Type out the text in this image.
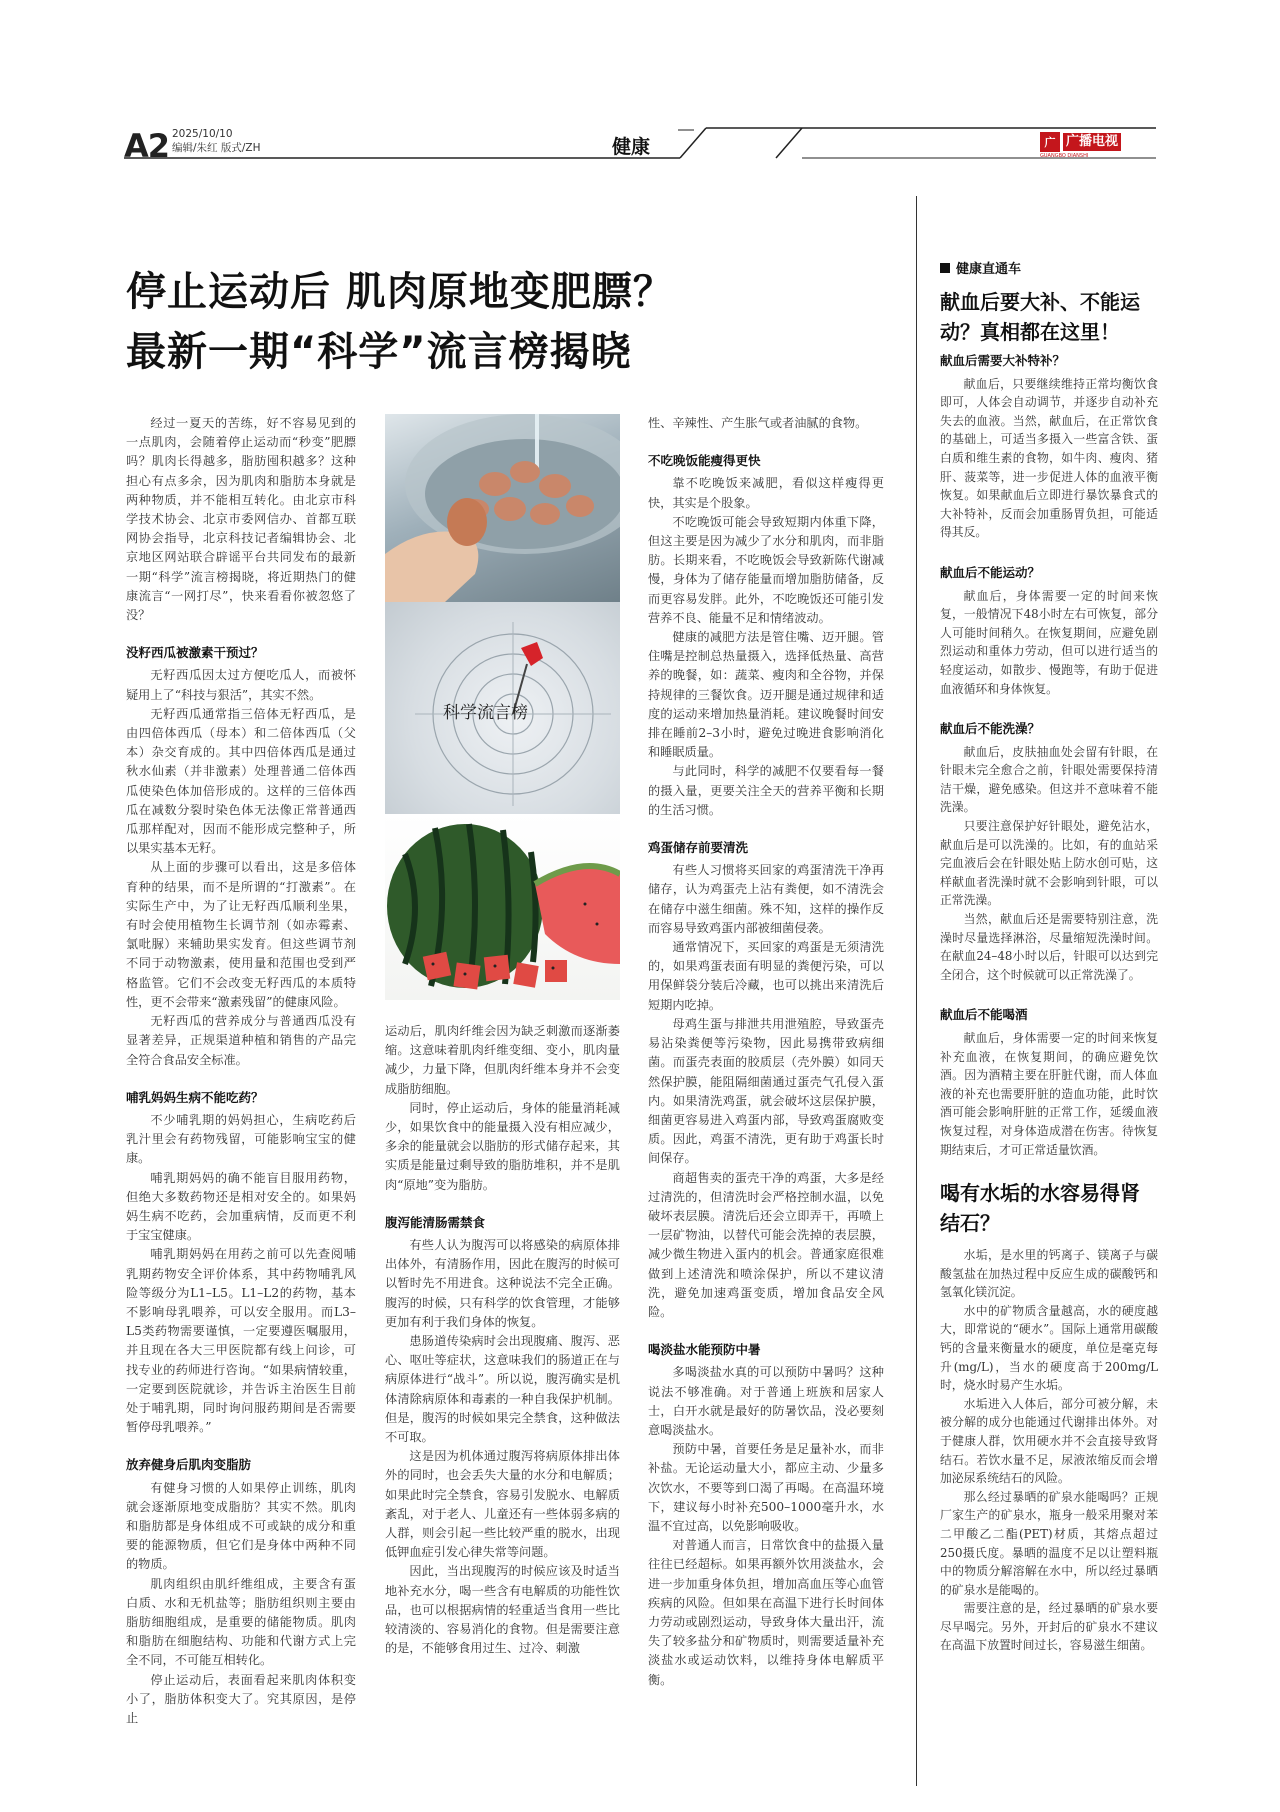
A2 2025/10/10
编辑/朱红 版式/ZH	健康	广 广播电视
GUANGBO DIANSHI
停止运动后 肌肉原地变肥膘？
最新一期“科学”流言榜揭晓

经过一夏天的苦练，好不容易见到的一点肌肉，会随着停止运动而“秒变”肥膘吗？肌肉长得越多，脂肪囤积越多？这种担心有点多余，因为肌肉和脂肪本身就是两种物质，并不能相互转化。由北京市科学技术协会、北京市委网信办、首都互联网协会指导，北京科技记者编辑协会、北京地区网站联合辟谣平台共同发布的最新一期“科学”流言榜揭晓，将近期热门的健康流言“一网打尽”，快来看看你被忽悠了没？

没籽西瓜被激素干预过？

无籽西瓜因太过方便吃瓜人，而被怀疑用上了“科技与狠活”，其实不然。

无籽西瓜通常指三倍体无籽西瓜，是由四倍体西瓜（母本）和二倍体西瓜（父本）杂交育成的。其中四倍体西瓜是通过秋水仙素（并非激素）处理普通二倍体西瓜使染色体加倍形成的。这样的三倍体西瓜在减数分裂时染色体无法像正常普通西瓜那样配对，因而不能形成完整种子，所以果实基本无籽。

从上面的步骤可以看出，这是多倍体育种的结果，而不是所谓的“打激素”。在实际生产中，为了让无籽西瓜顺利坐果，有时会使用植物生长调节剂（如赤霉素、氯吡脲）来辅助果实发育。但这些调节剂不同于动物激素，使用量和范围也受到严格监管。它们不会改变无籽西瓜的本质特性，更不会带来“激素残留”的健康风险。

无籽西瓜的营养成分与普通西瓜没有显著差异，正规渠道种植和销售的产品完全符合食品安全标准。

哺乳妈妈生病不能吃药？

不少哺乳期的妈妈担心，生病吃药后乳汁里会有药物残留，可能影响宝宝的健康。

哺乳期妈妈的确不能盲目服用药物，但绝大多数药物还是相对安全的。如果妈妈生病不吃药，会加重病情，反而更不利于宝宝健康。

哺乳期妈妈在用药之前可以先查阅哺乳期药物安全评价体系，其中药物哺乳风险等级分为L1–L5。L1–L2的药物，基本不影响母乳喂养，可以安全服用。而L3–L5类药物需要谨慎，一定要遵医嘱服用，并且现在各大三甲医院都有线上问诊，可找专业的药师进行咨询。“如果病情较重，一定要到医院就诊，并告诉主治医生目前处于哺乳期，同时询问服药期间是否需要暂停母乳喂养。”

放弃健身后肌肉变脂肪

有健身习惯的人如果停止训练，肌肉就会逐渐原地变成脂肪？其实不然。肌肉和脂肪都是身体组成不可或缺的成分和重要的能源物质，但它们是身体中两种不同的物质。

肌肉组织由肌纤维组成，主要含有蛋白质、水和无机盐等；脂肪组织则主要由脂肪细胞组成，是重要的储能物质。肌肉和脂肪在细胞结构、功能和代谢方式上完全不同，不可能互相转化。

停止运动后，表面看起来肌肉体积变小了，脂肪体积变大了。究其原因，是停止

科学流言榜

运动后，肌肉纤维会因为缺乏刺激而逐渐萎缩。这意味着肌肉纤维变细、变小，肌肉量减少，力量下降，但肌肉纤维本身并不会变成脂肪细胞。

同时，停止运动后，身体的能量消耗减少，如果饮食中的能量摄入没有相应减少，多余的能量就会以脂肪的形式储存起来，其实质是能量过剩导致的脂肪堆积，并不是肌肉“原地”变为脂肪。

腹泻能清肠需禁食

有些人认为腹泻可以将感染的病原体排出体外，有清肠作用，因此在腹泻的时候可以暂时先不用进食。这种说法不完全正确。腹泻的时候，只有科学的饮食管理，才能够更加有利于我们身体的恢复。

患肠道传染病时会出现腹痛、腹泻、恶心、呕吐等症状，这意味我们的肠道正在与病原体进行“战斗”。所以说，腹泻确实是机体清除病原体和毒素的一种自我保护机制。但是，腹泻的时候如果完全禁食，这种做法不可取。

这是因为机体通过腹泻将病原体排出体外的同时，也会丢失大量的水分和电解质；如果此时完全禁食，容易引发脱水、电解质紊乱，对于老人、儿童还有一些体弱多病的人群，则会引起一些比较严重的脱水，出现低钾血症引发心律失常等问题。

因此，当出现腹泻的时候应该及时适当地补充水分，喝一些含有电解质的功能性饮品，也可以根据病情的轻重适当食用一些比较清淡的、容易消化的食物。但是需要注意的是，不能够食用过生、过冷、刺激

性、辛辣性、产生胀气或者油腻的食物。

不吃晚饭能瘦得更快

靠不吃晚饭来减肥，看似这样瘦得更快，其实是个股象。

不吃晚饭可能会导致短期内体重下降，但这主要是因为减少了水分和肌肉，而非脂肪。长期来看，不吃晚饭会导致新陈代谢减慢，身体为了储存能量而增加脂肪储备，反而更容易发胖。此外，不吃晚饭还可能引发营养不良、能量不足和情绪波动。

健康的减肥方法是管住嘴、迈开腿。管住嘴是控制总热量摄入，选择低热量、高营养的晚餐，如：蔬菜、瘦肉和全谷物，并保持规律的三餐饮食。迈开腿是通过规律和适度的运动来增加热量消耗。建议晚餐时间安排在睡前2–3小时，避免过晚进食影响消化和睡眠质量。

与此同时，科学的减肥不仅要看每一餐的摄入量，更要关注全天的营养平衡和长期的生活习惯。

鸡蛋储存前要清洗

有些人习惯将买回家的鸡蛋清洗干净再储存，认为鸡蛋壳上沾有粪便，如不清洗会在储存中滋生细菌。殊不知，这样的操作反而容易导致鸡蛋内部被细菌侵袭。

通常情况下，买回家的鸡蛋是无须清洗的，如果鸡蛋表面有明显的粪便污染，可以用保鲜袋分装后冷藏，也可以挑出来清洗后短期内吃掉。

母鸡生蛋与排泄共用泄殖腔，导致蛋壳易沾染粪便等污染物，因此易携带致病细菌。而蛋壳表面的胶质层（壳外膜）如同天然保护膜，能阻隔细菌通过蛋壳气孔侵入蛋内。如果清洗鸡蛋，就会破坏这层保护膜，细菌更容易进入鸡蛋内部，导致鸡蛋腐败变质。因此，鸡蛋不清洗，更有助于鸡蛋长时间保存。

商超售卖的蛋壳干净的鸡蛋，大多是经过清洗的，但清洗时会严格控制水温，以免破坏表层膜。清洗后还会立即弄干，再喷上一层矿物油，以替代可能会洗掉的表层膜，减少微生物进入蛋内的机会。普通家庭很难做到上述清洗和喷涂保护，所以不建议清洗，避免加速鸡蛋变质，增加食品安全风险。

喝淡盐水能预防中暑

多喝淡盐水真的可以预防中暑吗？这种说法不够准确。对于普通上班族和居家人士，白开水就是最好的防暑饮品，没必要刻意喝淡盐水。

预防中暑，首要任务是足量补水，而非补盐。无论运动量大小，都应主动、少量多次饮水，不要等到口渴了再喝。在高温环境下，建议每小时补充500–1000毫升水，水温不宜过高，以免影响吸收。

对普通人而言，日常饮食中的盐摄入量往往已经超标。如果再额外饮用淡盐水，会进一步加重身体负担，增加高血压等心血管疾病的风险。但如果在高温下进行长时间体力劳动或剧烈运动，导致身体大量出汗，流失了较多盐分和矿物质时，则需要适量补充淡盐水或运动饮料，以维持身体电解质平衡。

健康直通车
献血后要大补、不能运
动？真相都在这里！
献血后需要大补特补？

献血后，只要继续维持正常均衡饮食即可，人体会自动调节，并逐步自动补充失去的血液。当然，献血后，在正常饮食的基础上，可适当多摄入一些富含铁、蛋白质和维生素的食物，如牛肉、瘦肉、猪肝、菠菜等，进一步促进人体的血液平衡恢复。如果献血后立即进行暴饮暴食式的大补特补，反而会加重肠胃负担，可能适得其反。

献血后不能运动？

献血后，身体需要一定的时间来恢复，一般情况下48小时左右可恢复，部分人可能时间稍久。在恢复期间，应避免剧烈运动和重体力劳动，但可以进行适当的轻度运动，如散步、慢跑等，有助于促进血液循环和身体恢复。

献血后不能洗澡？

献血后，皮肤抽血处会留有针眼，在针眼未完全愈合之前，针眼处需要保持清洁干燥，避免感染。但这并不意味着不能洗澡。

只要注意保护好针眼处，避免沾水，献血后是可以洗澡的。比如，有的血站采完血液后会在针眼处贴上防水创可贴，这样献血者洗澡时就不会影响到针眼，可以正常洗澡。

当然，献血后还是需要特别注意，洗澡时尽量选择淋浴，尽量缩短洗澡时间。在献血24–48小时以后，针眼可以达到完全闭合，这个时候就可以正常洗澡了。

献血后不能喝酒

献血后，身体需要一定的时间来恢复补充血液，在恢复期间，的确应避免饮酒。因为酒精主要在肝脏代谢，而人体血液的补充也需要肝脏的造血功能，此时饮酒可能会影响肝脏的正常工作，延缓血液恢复过程，对身体造成潜在伤害。待恢复期结束后，才可正常适量饮酒。

喝有水垢的水容易得肾
结石？

水垢，是水里的钙离子、镁离子与碳酸氢盐在加热过程中反应生成的碳酸钙和氢氧化镁沉淀。

水中的矿物质含量越高，水的硬度越大，即常说的“硬水”。国际上通常用碳酸钙的含量来衡量水的硬度，单位是毫克每升(mg/L)，当水的硬度高于200mg/L时，烧水时易产生水垢。

水垢进入人体后，部分可被分解，未被分解的成分也能通过代谢排出体外。对于健康人群，饮用硬水并不会直接导致肾结石。若饮水量不足，尿液浓缩反而会增加泌尿系统结石的风险。

那么经过暴晒的矿泉水能喝吗？正规厂家生产的矿泉水，瓶身一般采用聚对苯二甲酸乙二酯(PET)材质，其熔点超过250摄氏度。暴晒的温度不足以让塑料瓶中的物质分解溶解在水中，所以经过暴晒的矿泉水是能喝的。

需要注意的是，经过暴晒的矿泉水要尽早喝完。另外，开封后的矿泉水不建议在高温下放置时间过长，容易滋生细菌。
